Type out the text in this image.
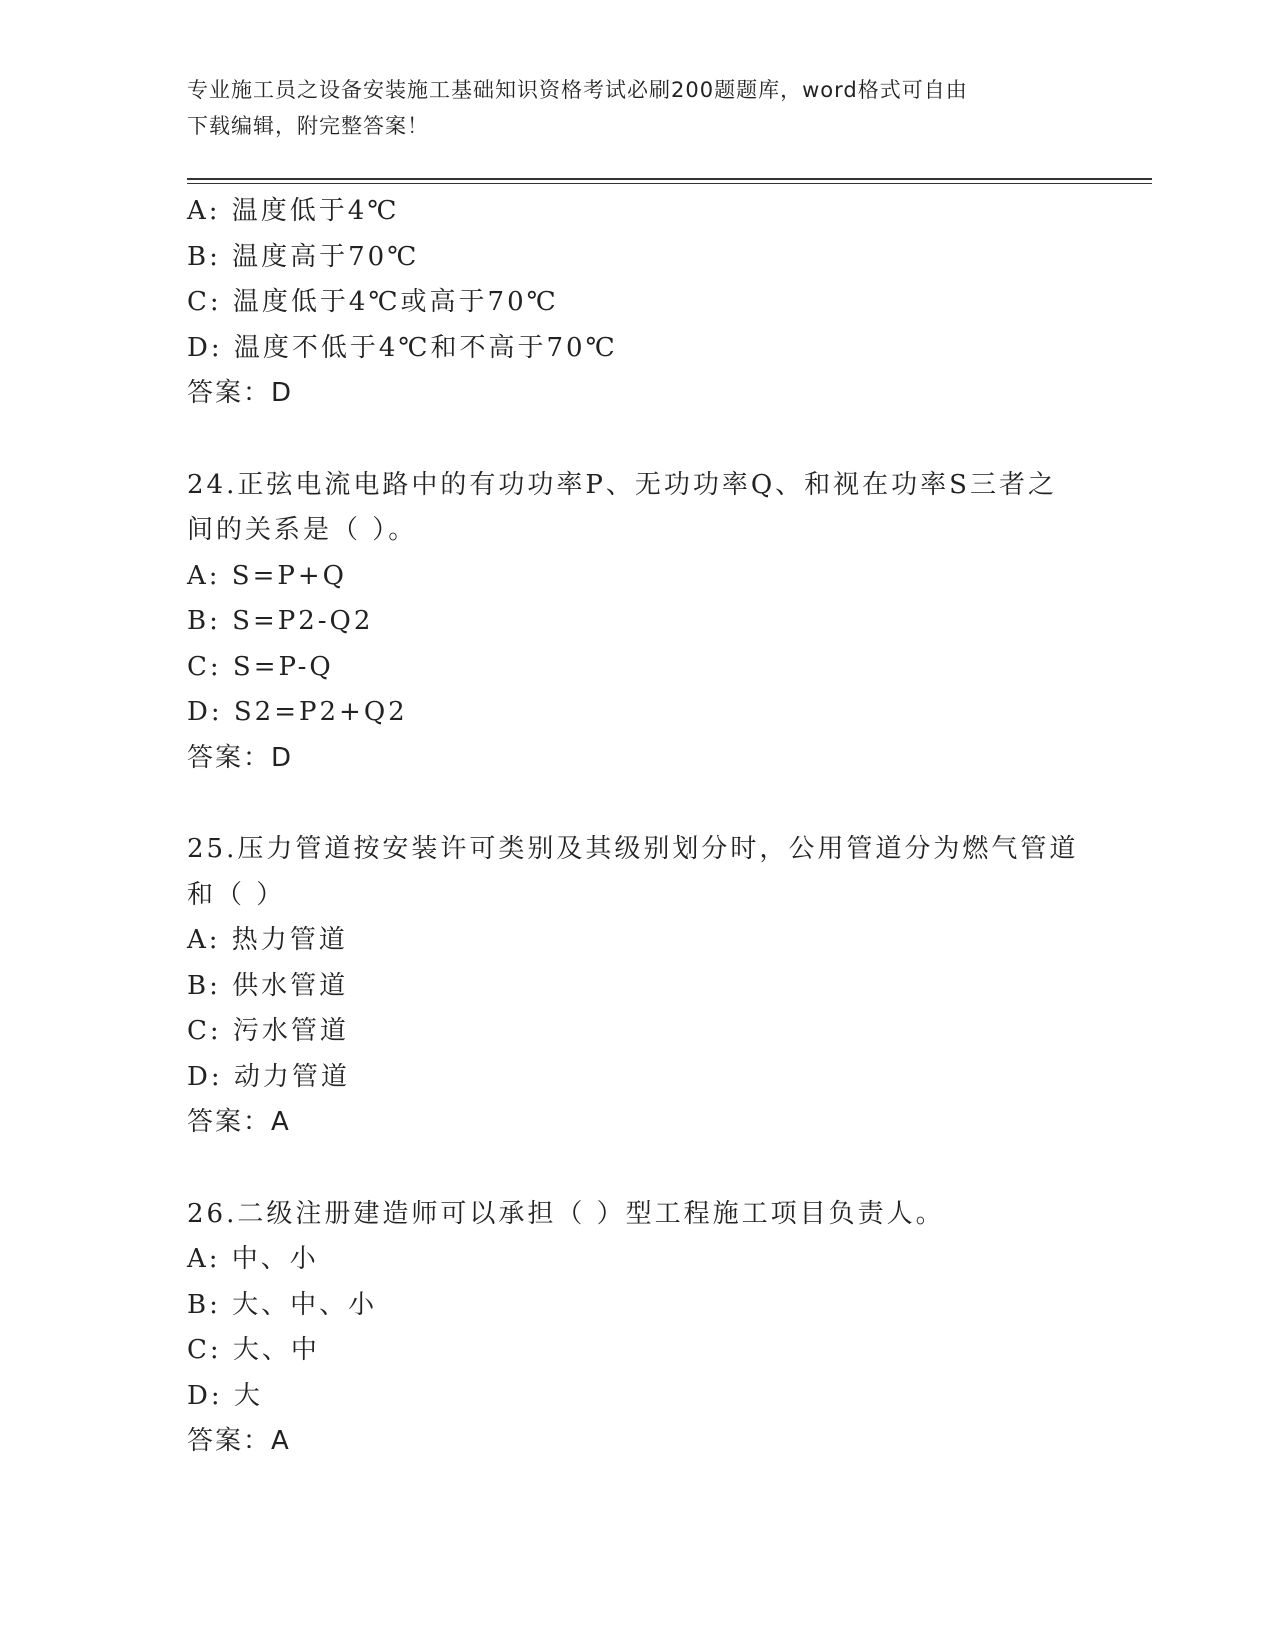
专业施工员之设备安装施工基础知识资格考试必刷200题题库，word格式可自由
下载编辑，附完整答案！
A: 温度低于4℃
B: 温度高于70℃
C: 温度低于4℃或高于70℃
D: 温度不低于4℃和不高于70℃
答案：D
24.正弦电流电路中的有功功率P、无功功率Q、和视在功率S三者之
间的关系是（ ）。
A: S=P+Q
B: S=P2-Q2
C: S=P-Q
D: S2=P2+Q2
答案：D
25.压力管道按安装许可类别及其级别划分时，公用管道分为燃气管道
和（ ）
A: 热力管道
B: 供水管道
C: 污水管道
D: 动力管道
答案：A
26.二级注册建造师可以承担（ ）型工程施工项目负责人。
A: 中、小
B: 大、中、小
C: 大、中
D: 大
答案：A
